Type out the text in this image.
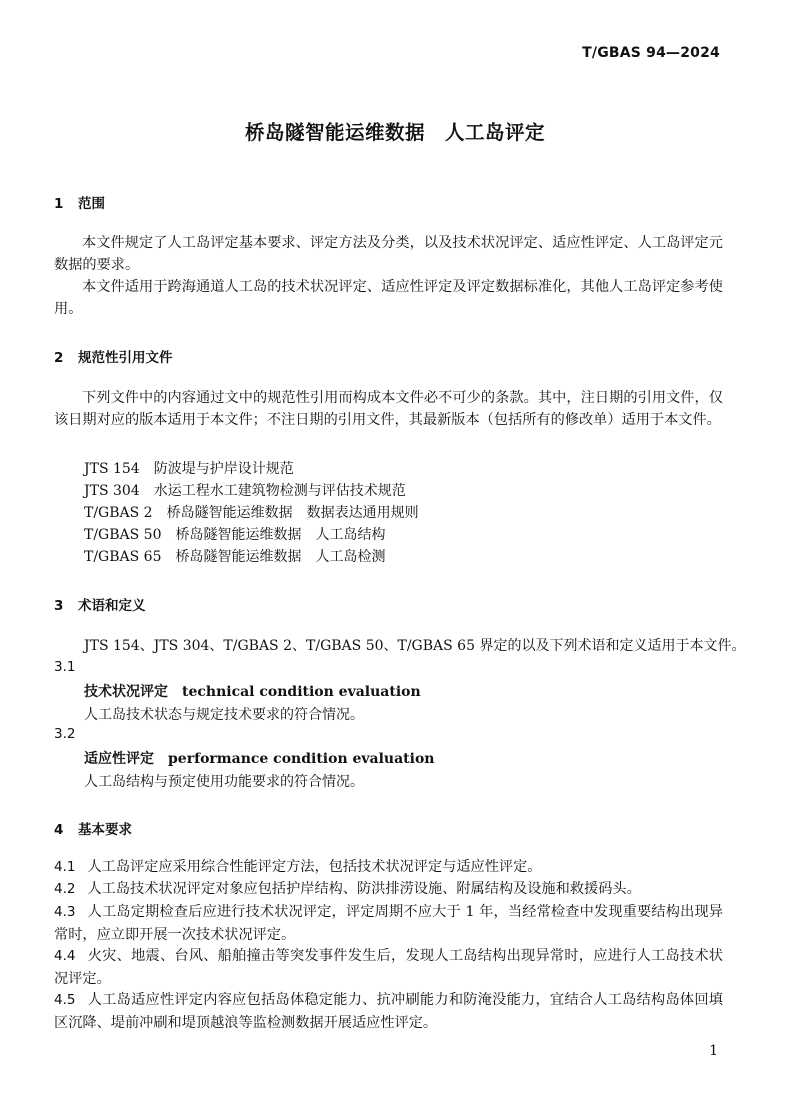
T/GBAS 94—2024
桥岛隧智能运维数据　人工岛评定
1 范围
本文件规定了人工岛评定基本要求、评定方法及分类，以及技术状况评定、适应性评定、人工岛评定元数据的要求。
本文件适用于跨海通道人工岛的技术状况评定、适应性评定及评定数据标准化，其他人工岛评定参考使用。
2 规范性引用文件
下列文件中的内容通过文中的规范性引用而构成本文件必不可少的条款。其中，注日期的引用文件，仅该日期对应的版本适用于本文件；不注日期的引用文件，其最新版本（包括所有的修改单）适用于本文件。
JTS 154　防波堤与护岸设计规范
JTS 304　水运工程水工建筑物检测与评估技术规范
T/GBAS 2　桥岛隧智能运维数据　数据表达通用规则
T/GBAS 50　桥岛隧智能运维数据　人工岛结构
T/GBAS 65　桥岛隧智能运维数据　人工岛检测
3 术语和定义
JTS 154、JTS 304、T/GBAS 2、T/GBAS 50、T/GBAS 65 界定的以及下列术语和定义适用于本文件。
3.1
技术状况评定　technical condition evaluation
人工岛技术状态与规定技术要求的符合情况。
3.2
适应性评定　performance condition evaluation
人工岛结构与预定使用功能要求的符合情况。
4 基本要求
4.1 人工岛评定应采用综合性能评定方法，包括技术状况评定与适应性评定。
4.2 人工岛技术状况评定对象应包括护岸结构、防洪排涝设施、附属结构及设施和救援码头。
4.3 人工岛定期检查后应进行技术状况评定，评定周期不应大于 1 年，当经常检查中发现重要结构出现异常时，应立即开展一次技术状况评定。
4.4 火灾、地震、台风、船舶撞击等突发事件发生后，发现人工岛结构出现异常时，应进行人工岛技术状况评定。
4.5 人工岛适应性评定内容应包括岛体稳定能力、抗冲刷能力和防淹没能力，宜结合人工岛结构岛体回填区沉降、堤前冲刷和堤顶越浪等监检测数据开展适应性评定。
1
